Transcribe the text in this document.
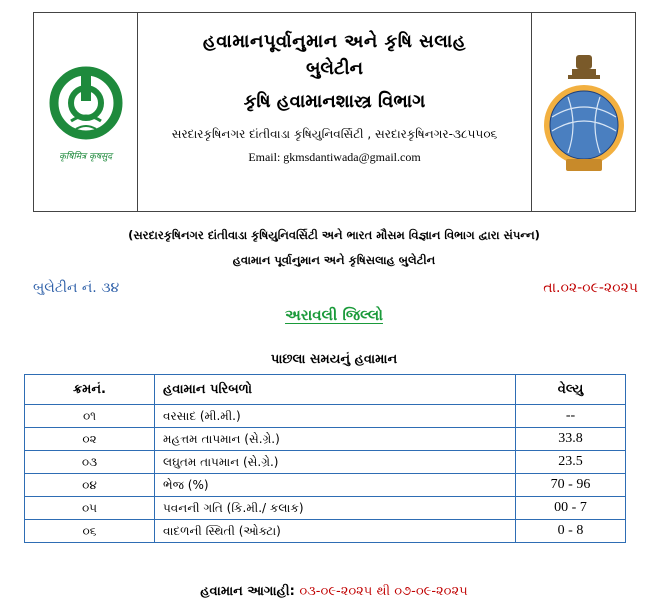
कृषिमित्र कृषसुद
હવામાનપૂર્વાનુમાન અને કૃષિ સલાહ
બુલેટીન
કૃષિ હવામાનશાસ્ત્ર વિભાગ
સરદારકૃષિનગર દાંતીવાડા કૃષિયુનિવર્સિટી , સરદારકૃષિનગર-૩૮૫૫૦૬
Email: gkmsdantiwada@gmail.com
(સરદારકૃષિનગર દાંતીવાડા કૃષિયુનિવર્સિટી અને ભારત મૌસમ વિજ્ઞાન વિભાગ દ્વારા સંપન્ન)
હવામાન પૂર્વાનુમાન અને કૃષિસલાહ બુલેટીન
બુલેટીન નં. ૩૪	તા.૦૨-૦૯-૨૦૨૫
અરાવલી જિલ્લો
પાછલા સમયનું હવામાન
ક્રમનં.	હવામાન પરિબળો	વેલ્યુ
૦૧	વરસાદ (મી.મી.)	--
૦૨	મહત્તમ તાપમાન (સે.ગ્રે.)	33.8
૦૩	લઘુતમ તાપમાન (સે.ગ્રે.)	23.5
૦૪	ભેજ (%)	70 - 96
૦૫	પવનની ગતિ (કિ.મી./ કલાક)	00 - 7
૦૬	વાદળની સ્થિતી (ઓક્ટા)	0 - 8
હવામાન આગાહી: ૦૩-૦૯-૨૦૨૫ થી ૦૭-૦૯-૨૦૨૫
